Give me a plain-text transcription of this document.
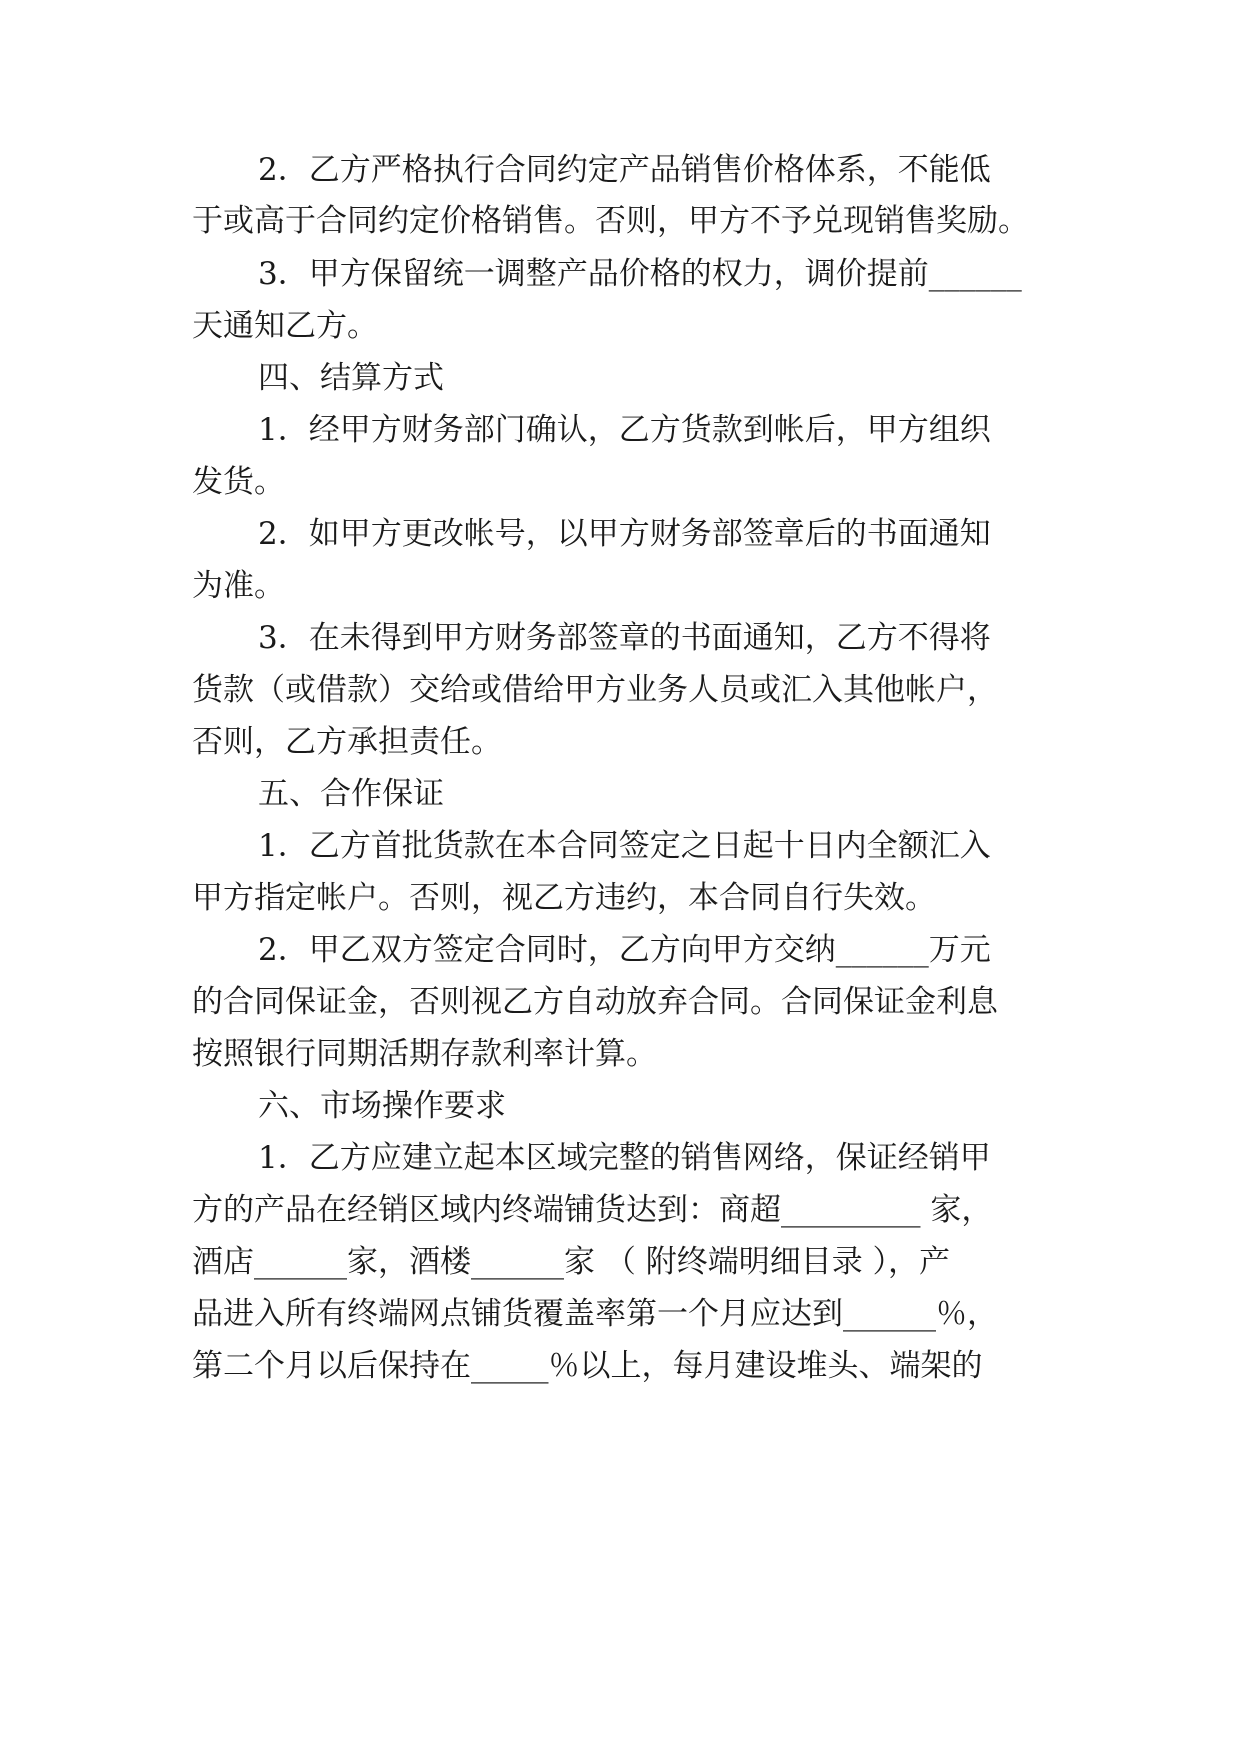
2．乙方严格执行合同约定产品销售价格体系，不能低
于或高于合同约定价格销售。否则，甲方不予兑现销售奖励。
3．甲方保留统一调整产品价格的权力，调价提前______
天通知乙方。
四、结算方式
1．经甲方财务部门确认，乙方货款到帐后，甲方组织
发货。
2．如甲方更改帐号，以甲方财务部签章后的书面通知
为准。
3．在未得到甲方财务部签章的书面通知，乙方不得将
货款（或借款）交给或借给甲方业务人员或汇入其他帐户，
否则，乙方承担责任。
五、合作保证
1．乙方首批货款在本合同签定之日起十日内全额汇入
甲方指定帐户。否则，视乙方违约，本合同自行失效。
2．甲乙双方签定合同时，乙方向甲方交纳______万元
的合同保证金，否则视乙方自动放弃合同。合同保证金利息
按照银行同期活期存款利率计算。
六、市场操作要求
1．乙方应建立起本区域完整的销售网络，保证经销甲
方的产品在经销区域内终端铺货达到：商超_________ 家，
酒店______家，酒楼______家 （ 附终端明细目录 ），产
品进入所有终端网点铺货覆盖率第一个月应达到______％，
第二个月以后保持在_____％以上，每月建设堆头、端架的
